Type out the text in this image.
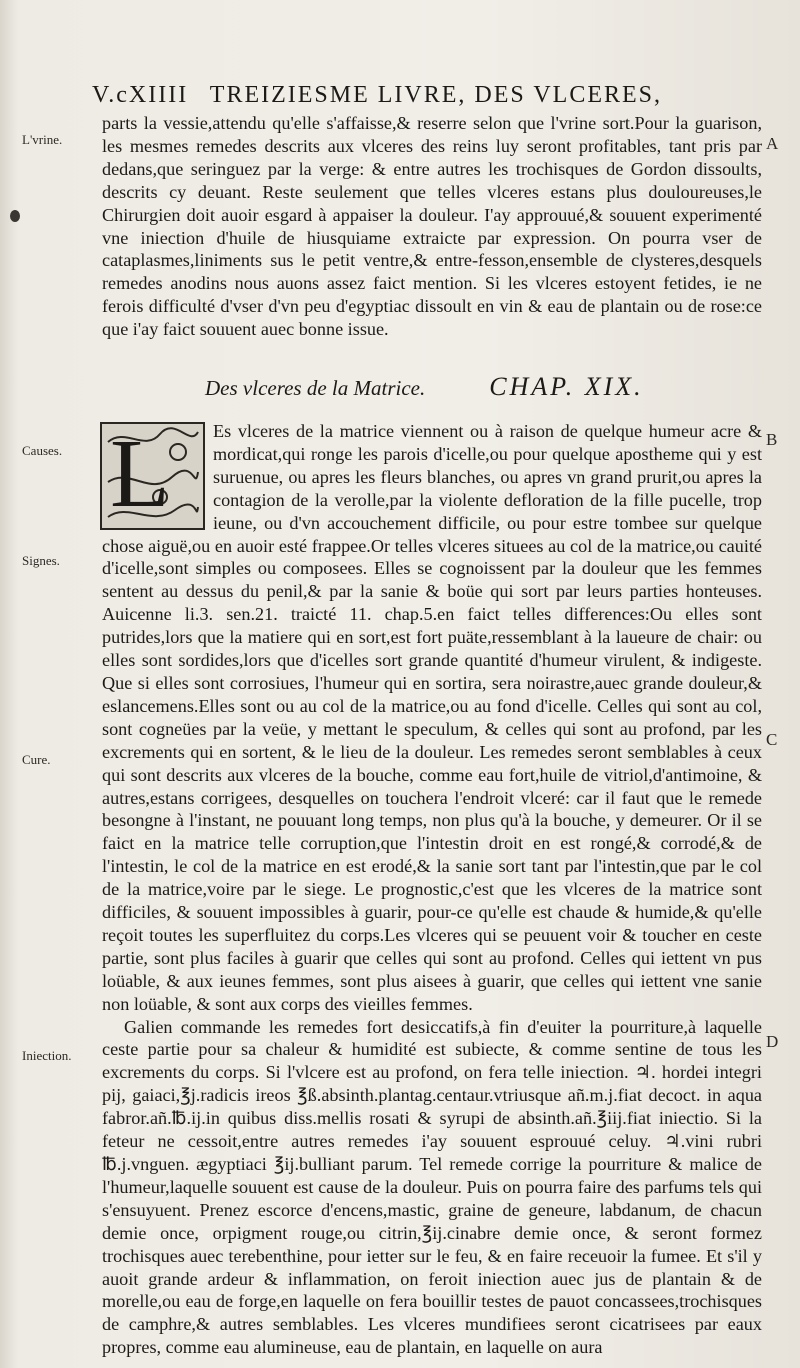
V.cXIIII TREIZIESME LIVRE, DES VLCERES,
parts la vessie,attendu qu'elle s'affaisse,& reserre selon que l'vrine sort.Pour la guarison, les mesmes remedes descrits aux vlceres des reins luy seront profitables, tant pris par dedans,que seringuez par la verge: & entre autres les trochisques de Gordon dissoults, descrits cy deuant. Reste seulement que telles vlceres estans plus douloureuses,le Chirurgien doit auoir esgard à appaiser la douleur. I'ay approuué,& souuent experimenté vne iniection d'huile de hiusquiame extraicte par expression. On pourra vser de cataplasmes,liniments sus le petit ventre,& entre-fesson,ensemble de clysteres,desquels remedes anodins nous auons assez faict mention. Si les vlceres estoyent fetides, ie ne ferois difficulté d'vser d'vn peu d'egyptiac dissoult en vin & eau de plantain ou de rose:ce que i'ay faict souuent auec bonne issue.
Des vlceres de la Matrice. CHAP. XIX.
L Es vlceres de la matrice viennent ou à raison de quelque humeur acre & mordicat,qui ronge les parois d'icelle,ou pour quelque apostheme qui y est suruenue, ou apres les fleurs blanches, ou apres vn grand prurit,ou apres la contagion de la verolle,par la violente defloration de la fille pucelle, trop ieune, ou d'vn accouchement difficile, ou pour estre tombee sur quelque chose aiguë,ou en auoir esté frappee.Or telles vlceres situees au col de la matrice,ou cauité d'icelle,sont simples ou composees. Elles se cognoissent par la douleur que les femmes sentent au dessus du penil,& par la sanie & boüe qui sort par leurs parties honteuses. Auicenne li.3. sen.21. traicté 11. chap.5.en faict telles differences:Ou elles sont putrides,lors que la matiere qui en sort,est fort puäte,ressemblant à la laueure de chair: ou elles sont sordides,lors que d'icelles sort grande quantité d'humeur virulent, & indigeste. Que si elles sont corrosiues, l'humeur qui en sortira, sera noirastre,auec grande douleur,& eslancemens.Elles sont ou au col de la matrice,ou au fond d'icelle. Celles qui sont au col, sont cogneües par la veüe, y mettant le speculum, & celles qui sont au profond, par les excrements qui en sortent, & le lieu de la douleur. Les remedes seront semblables à ceux qui sont descrits aux vlceres de la bouche, comme eau fort,huile de vitriol,d'antimoine, & autres,estans corrigees, desquelles on touchera l'endroit vlceré: car il faut que le remede besongne à l'instant, ne pouuant long temps, non plus qu'à la bouche, y demeurer. Or il se faict en la matrice telle corruption,que l'intestin droit en est rongé,& corrodé,& de l'intestin, le col de la matrice en est erodé,& la sanie sort tant par l'intestin,que par le col de la matrice,voire par le siege. Le prognostic,c'est que les vlceres de la matrice sont difficiles, & souuent impossibles à guarir, pour-ce qu'elle est chaude & humide,& qu'elle reçoit toutes les superfluitez du corps.Les vlceres qui se peuuent voir & toucher en ceste partie, sont plus faciles à guarir que celles qui sont au profond. Celles qui iettent vn pus loüable, & aux ieunes femmes, sont plus aisees à guarir, que celles qui iettent vne sanie non loüable, & sont aux corps des vieilles femmes.
Galien commande les remedes fort desiccatifs,à fin d'euiter la pourriture,à laquelle ceste partie pour sa chaleur & humidité est subiecte, & comme sentine de tous les excrements du corps. Si l'vlcere est au profond, on fera telle iniection. ♃. hordei integri pij, gaiaci,℥j.radicis ireos ℥ß.absinth.plantag.centaur.vtriusque añ.m.j.fiat decoct. in aqua fabror.añ.℔.ij.in quibus diss.mellis rosati & syrupi de absinth.añ.℥iij.fiat iniectio. Si la feteur ne cessoit,entre autres remedes i'ay souuent esprouué celuy. ♃.vini rubri ℔.j.vnguen. ægyptiaci ℥ij.bulliant parum. Tel remede corrige la pourriture & malice de l'humeur,laquelle souuent est cause de la douleur. Puis on pourra faire des parfums tels qui s'ensuyuent. Prenez escorce d'encens,mastic, graine de geneure, labdanum, de chacun demie once, orpigment rouge,ou citrin,℥ij.cinabre demie once, & seront formez trochisques auec terebenthine, pour ietter sur le feu, & en faire receuoir la fumee. Et s'il y auoit grande ardeur & inflammation, on feroit iniection auec jus de plantain & de morelle,ou eau de forge,en laquelle on fera bouillir testes de pauot concassees,trochisques de camphre,& autres semblables. Les vlceres mundifiees seront cicatrisees par eaux propres, comme eau alumineuse, eau de plantain, en laquelle on aura
L'vrine.
Causes.
Signes.
Cure.
Iniection.
A
B
C
D
